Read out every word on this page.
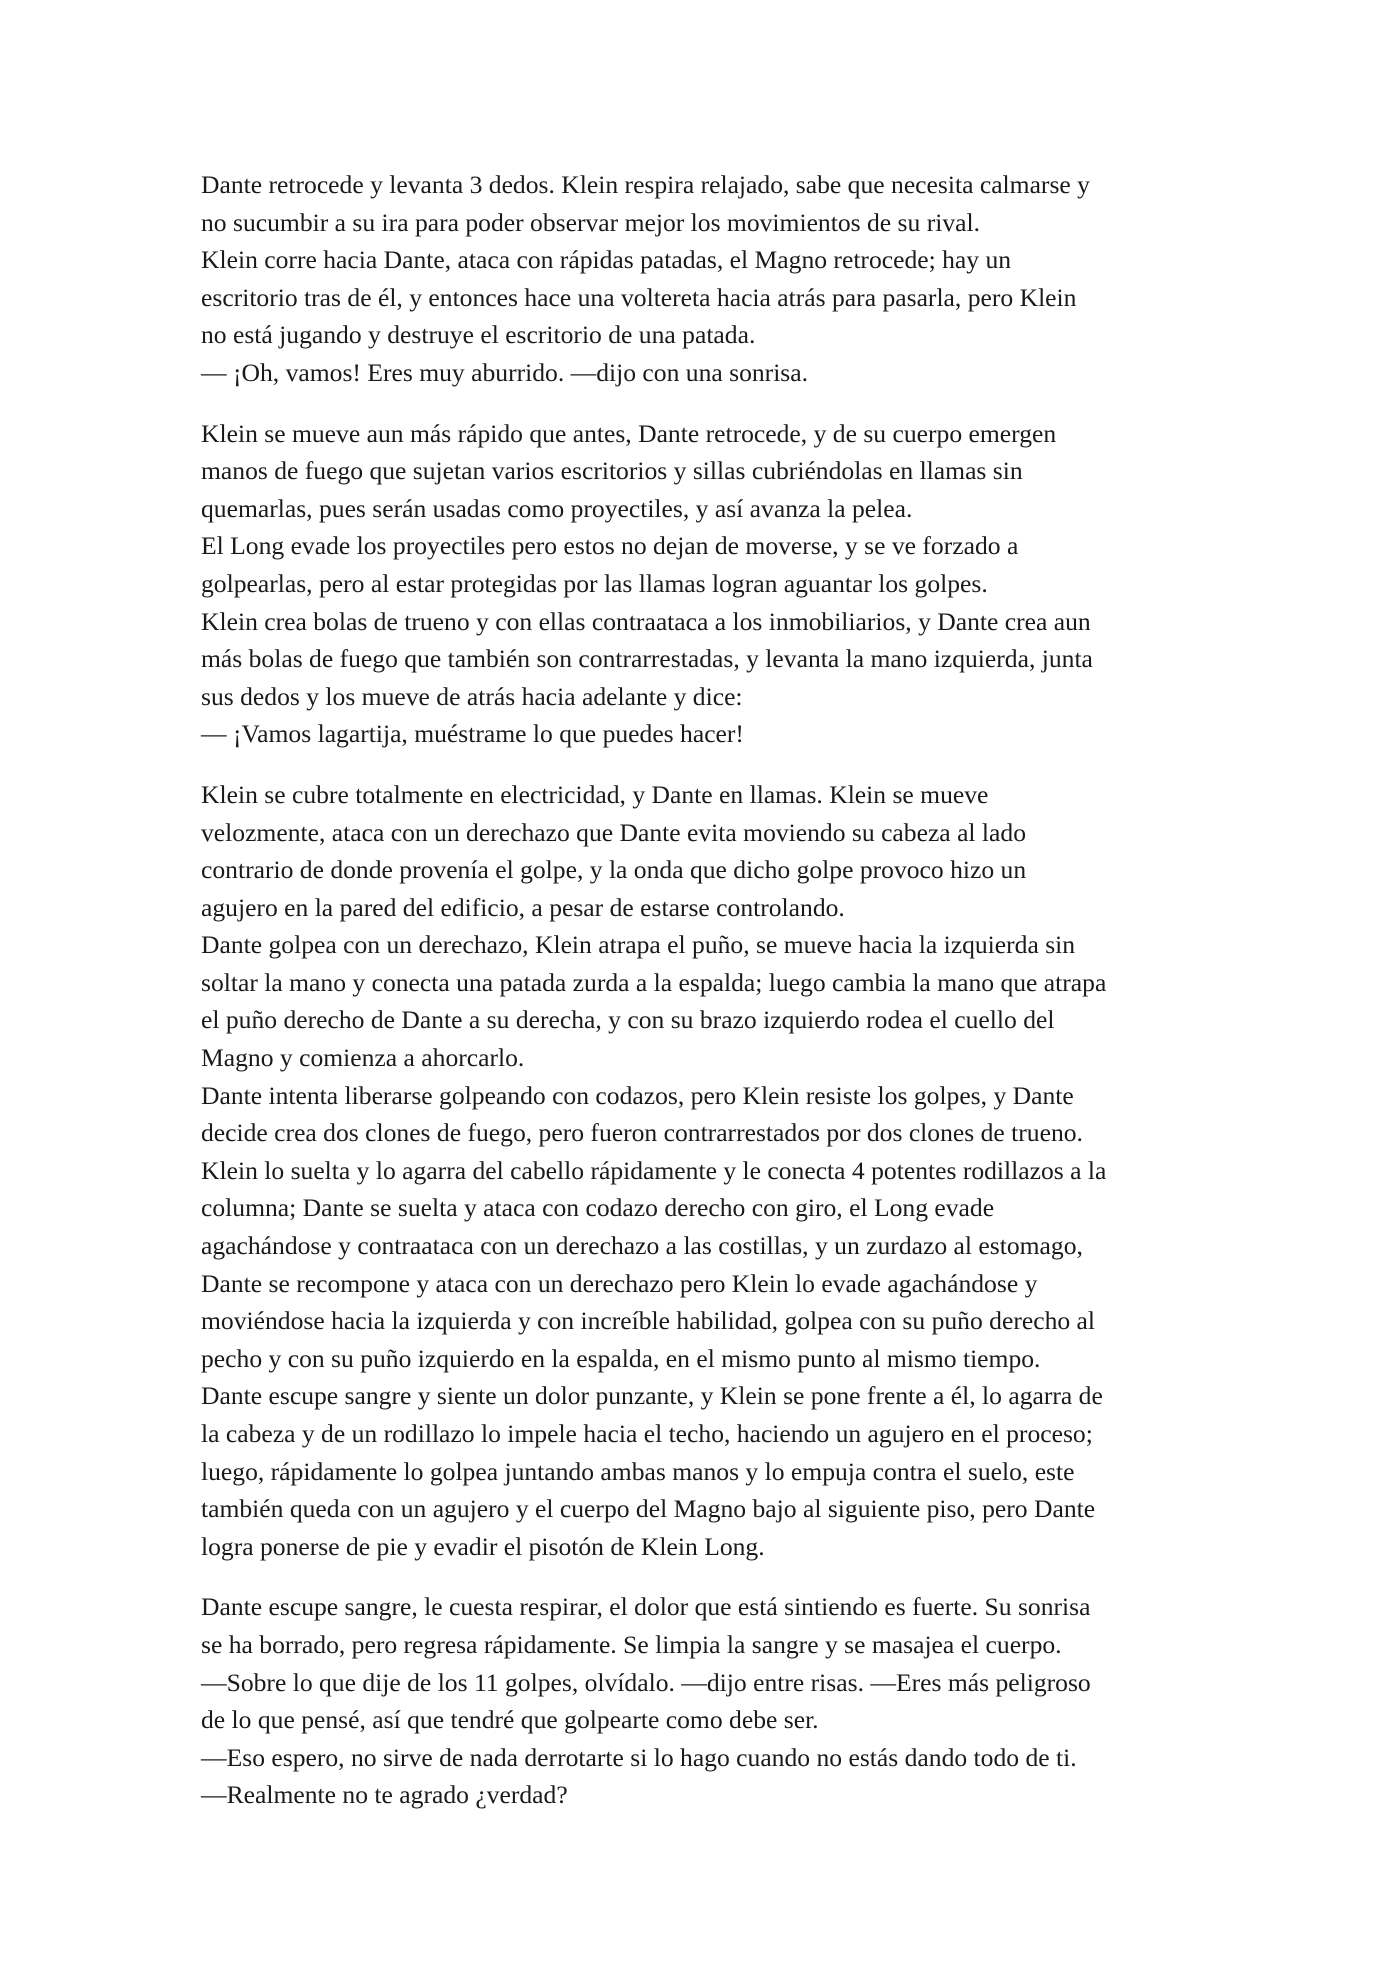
Dante retrocede y levanta 3 dedos. Klein respira relajado, sabe que necesita calmarse y
no sucumbir a su ira para poder observar mejor los movimientos de su rival.
Klein corre hacia Dante, ataca con rápidas patadas, el Magno retrocede; hay un
escritorio tras de él, y entonces hace una voltereta hacia atrás para pasarla, pero Klein
no está jugando y destruye el escritorio de una patada.
— ¡Oh, vamos! Eres muy aburrido. —dijo con una sonrisa.
Klein se mueve aun más rápido que antes, Dante retrocede, y de su cuerpo emergen
manos de fuego que sujetan varios escritorios y sillas cubriéndolas en llamas sin
quemarlas, pues serán usadas como proyectiles, y así avanza la pelea.
El Long evade los proyectiles pero estos no dejan de moverse, y se ve forzado a
golpearlas, pero al estar protegidas por las llamas logran aguantar los golpes.
Klein crea bolas de trueno y con ellas contraataca a los inmobiliarios, y Dante crea aun
más bolas de fuego que también son contrarrestadas, y levanta la mano izquierda, junta
sus dedos y los mueve de atrás hacia adelante y dice:
— ¡Vamos lagartija, muéstrame lo que puedes hacer!
Klein se cubre totalmente en electricidad, y Dante en llamas. Klein se mueve
velozmente, ataca con un derechazo que Dante evita moviendo su cabeza al lado
contrario de donde provenía el golpe, y la onda que dicho golpe provoco hizo un
agujero en la pared del edificio, a pesar de estarse controlando.
Dante golpea con un derechazo, Klein atrapa el puño, se mueve hacia la izquierda sin
soltar la mano y conecta una patada zurda a la espalda; luego cambia la mano que atrapa
el puño derecho de Dante a su derecha, y con su brazo izquierdo rodea el cuello del
Magno y comienza a ahorcarlo.
Dante intenta liberarse golpeando con codazos, pero Klein resiste los golpes, y Dante
decide crea dos clones de fuego, pero fueron contrarrestados por dos clones de trueno.
Klein lo suelta y lo agarra del cabello rápidamente y le conecta 4 potentes rodillazos a la
columna; Dante se suelta y ataca con codazo derecho con giro, el Long evade
agachándose y contraataca con un derechazo a las costillas, y un zurdazo al estomago,
Dante se recompone y ataca con un derechazo pero Klein lo evade agachándose y
moviéndose hacia la izquierda y con increíble habilidad, golpea con su puño derecho al
pecho y con su puño izquierdo en la espalda, en el mismo punto al mismo tiempo.
Dante escupe sangre y siente un dolor punzante, y Klein se pone frente a él, lo agarra de
la cabeza y de un rodillazo lo impele hacia el techo, haciendo un agujero en el proceso;
luego, rápidamente lo golpea juntando ambas manos y lo empuja contra el suelo, este
también queda con un agujero y el cuerpo del Magno bajo al siguiente piso, pero Dante
logra ponerse de pie y evadir el pisotón de Klein Long.
Dante escupe sangre, le cuesta respirar, el dolor que está sintiendo es fuerte. Su sonrisa
se ha borrado, pero regresa rápidamente. Se limpia la sangre y se masajea el cuerpo.
—Sobre lo que dije de los 11 golpes, olvídalo. —dijo entre risas. —Eres más peligroso
de lo que pensé, así que tendré que golpearte como debe ser.
—Eso espero, no sirve de nada derrotarte si lo hago cuando no estás dando todo de ti.
—Realmente no te agrado ¿verdad?
